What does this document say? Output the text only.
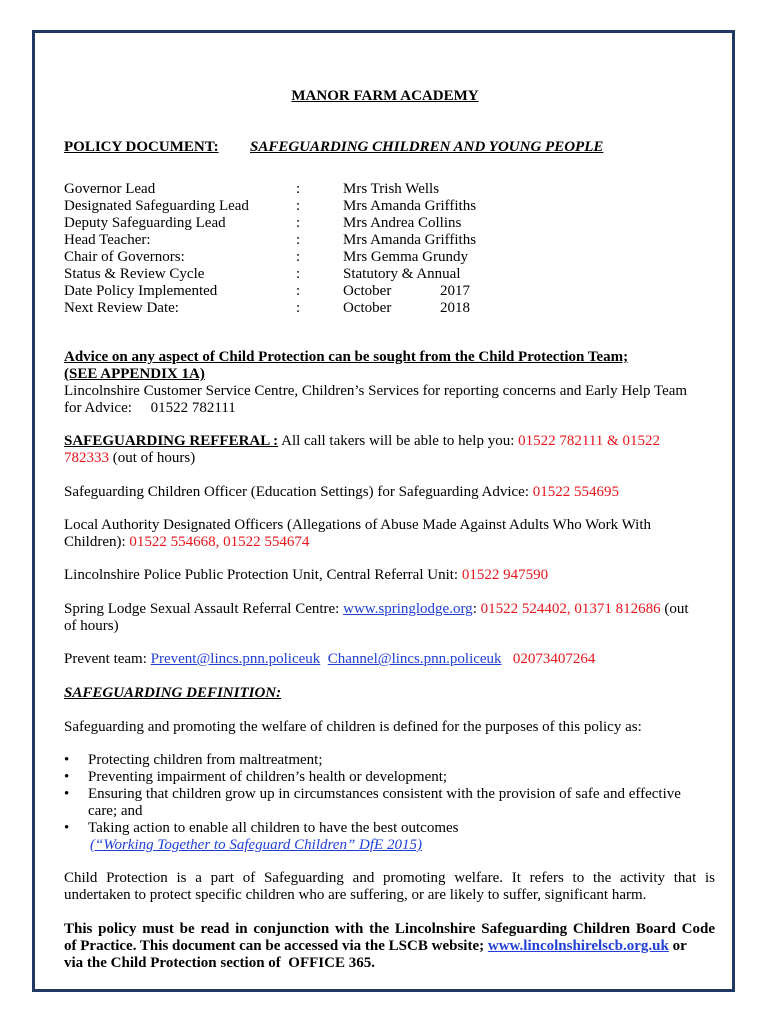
MANOR FARM ACADEMY
POLICY DOCUMENT: SAFEGUARDING CHILDREN AND YOUNG PEOPLE
Governor Lead	:	Mrs Trish Wells
Designated Safeguarding Lead	:	Mrs Amanda Griffiths
Deputy Safeguarding Lead	:	Mrs Andrea Collins
Head Teacher:	:	Mrs Amanda Griffiths
Chair of Governors:	:	Mrs Gemma Grundy
Status & Review Cycle	:	Statutory & Annual
Date Policy Implemented	:	October	2017
Next Review Date:	:	October	2018
Advice on any aspect of Child Protection can be sought from the Child Protection Team;
(SEE APPENDIX 1A)
Lincolnshire Customer Service Centre, Children’s Services for reporting concerns and Early Help Team
for Advice:     01522 782111
SAFEGUARDING REFFERAL : All call takers will be able to help you: 01522 782111 & 01522
782333 (out of hours)
Safeguarding Children Officer (Education Settings) for Safeguarding Advice: 01522 554695
Local Authority Designated Officers (Allegations of Abuse Made Against Adults Who Work With
Children): 01522 554668, 01522 554674
Lincolnshire Police Public Protection Unit, Central Referral Unit: 01522 947590
Spring Lodge Sexual Assault Referral Centre: www.springlodge.org: 01522 524402, 01371 812686 (out
of hours)
Prevent team: Prevent@lincs.pnn.policeuk Channel@lincs.pnn.policeuk 02073407264
SAFEGUARDING DEFINITION:
Safeguarding and promoting the welfare of children is defined for the purposes of this policy as:
• Protecting children from maltreatment;
• Preventing impairment of children’s health or development;
• Ensuring that children grow up in circumstances consistent with the provision of safe and effective
care; and
• Taking action to enable all children to have the best outcomes
(“Working Together to Safeguard Children” DfE 2015)
Child Protection is a part of Safeguarding and promoting welfare. It refers to the activity that is
undertaken to protect specific children who are suffering, or are likely to suffer, significant harm.
This policy must be read in conjunction with the Lincolnshire Safeguarding Children Board Code
of Practice. This document can be accessed via the LSCB website; www.lincolnshirelscb.org.uk or
via the Child Protection section of  OFFICE 365.
